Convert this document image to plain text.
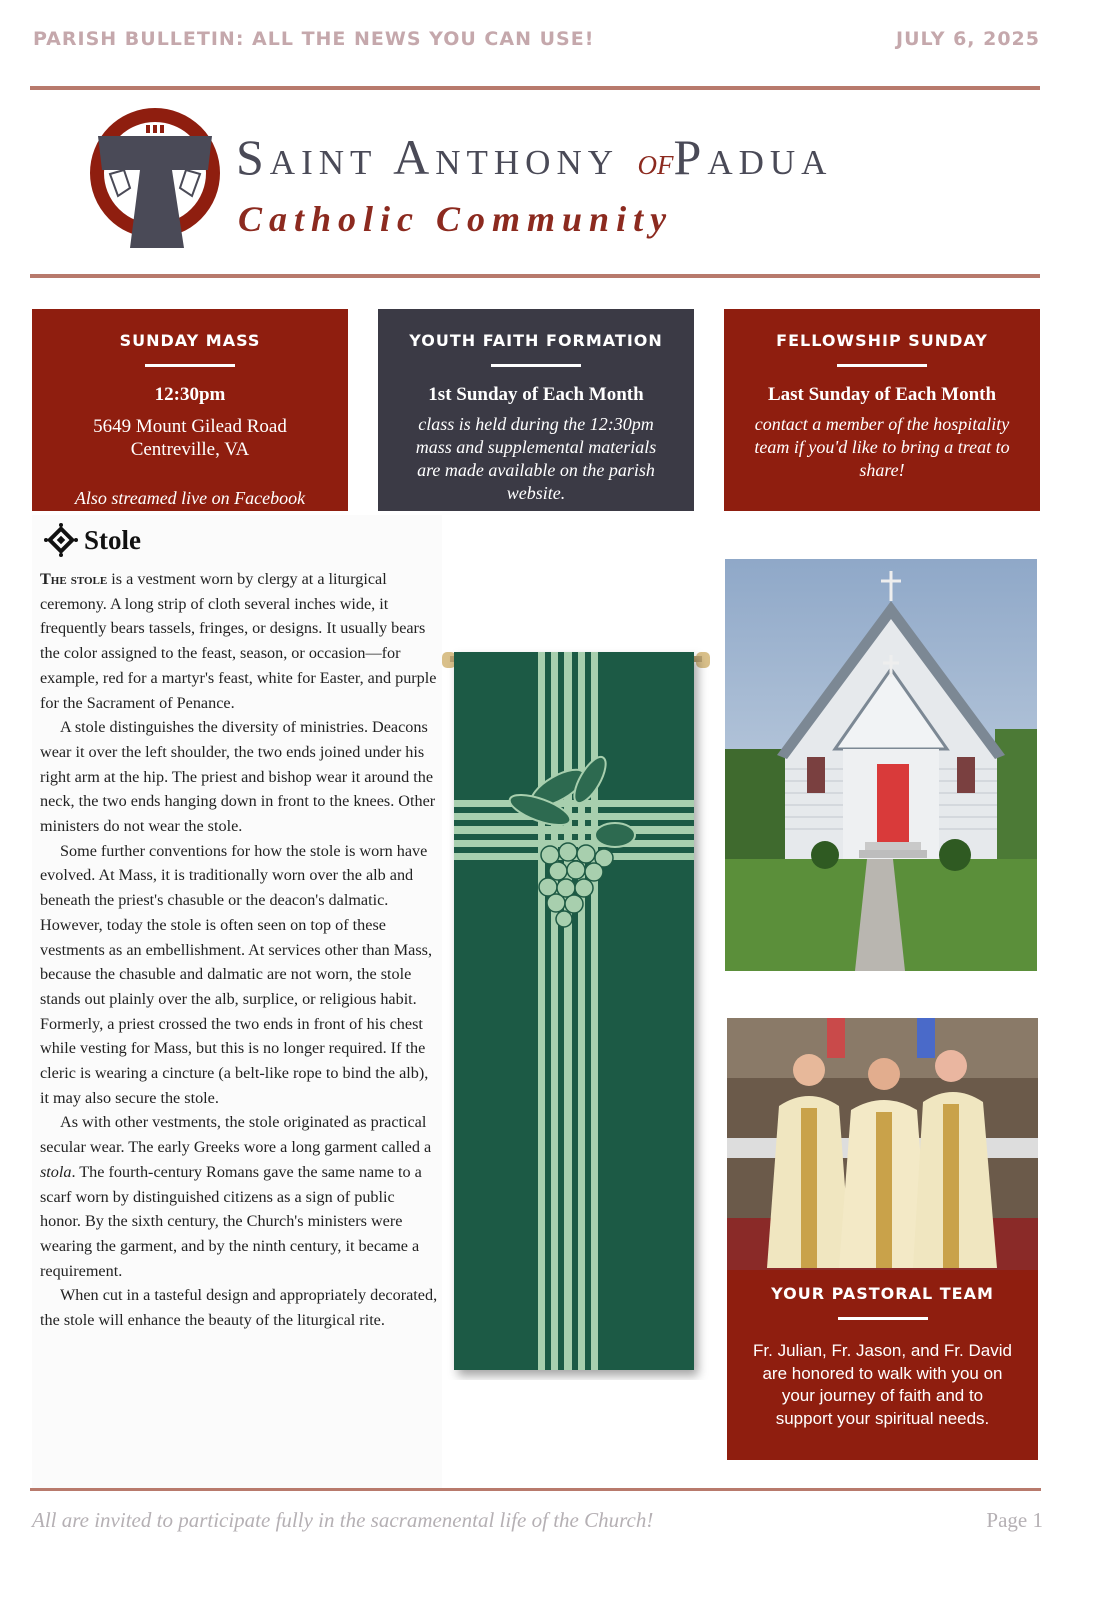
PARISH BULLETIN: ALL THE NEWS YOU CAN USE!	JULY 6, 2025
Saint Anthony ofPadua
Catholic Community
SUNDAY MASS
12:30pm
5649 Mount Gilead Road
Centreville, VA
Also streamed live on Facebook
YOUTH FAITH FORMATION
1st Sunday of Each Month
class is held during the 12:30pm mass and supplemental materials are made available on the parish website.
FELLOWSHIP SUNDAY
Last Sunday of Each Month
contact a member of the hospitality team if you'd like to bring a treat to share!
Stole

The stole is a vestment worn by clergy at a liturgical ceremony. A long strip of cloth several inches wide, it frequently bears tassels, fringes, or designs. It usually bears the color assigned to the feast, season, or occasion—for example, red for a martyr's feast, white for Easter, and purple for the Sacrament of Penance.

A stole distinguishes the diversity of ministries. Deacons wear it over the left shoulder, the two ends joined under his right arm at the hip. The priest and bishop wear it around the neck, the two ends hanging down in front to the knees. Other ministers do not wear the stole.

Some further conventions for how the stole is worn have evolved. At Mass, it is traditionally worn over the alb and beneath the priest's chasuble or the deacon's dalmatic. However, today the stole is often seen on top of these vestments as an embellishment. At services other than Mass, because the chasuble and dalmatic are not worn, the stole stands out plainly over the alb, surplice, or religious habit. Formerly, a priest crossed the two ends in front of his chest while vesting for Mass, but this is no longer required. If the cleric is wearing a cincture (a belt-like rope to bind the alb), it may also secure the stole.

As with other vestments, the stole originated as practical secular wear. The early Greeks wore a long garment called a stola. The fourth-century Romans gave the same name to a scarf worn by distinguished citizens as a sign of public honor. By the sixth century, the Church's ministers were wearing the garment, and by the ninth century, it became a requirement.

When cut in a tasteful design and appropriately decorated, the stole will enhance the beauty of the liturgical rite.

YOUR PASTORAL TEAM
Fr. Julian, Fr. Jason, and Fr. David are honored to walk with you on your journey of faith and to support your spiritual needs.
All are invited to participate fully in the sacramenental life of the Church!	Page 1
